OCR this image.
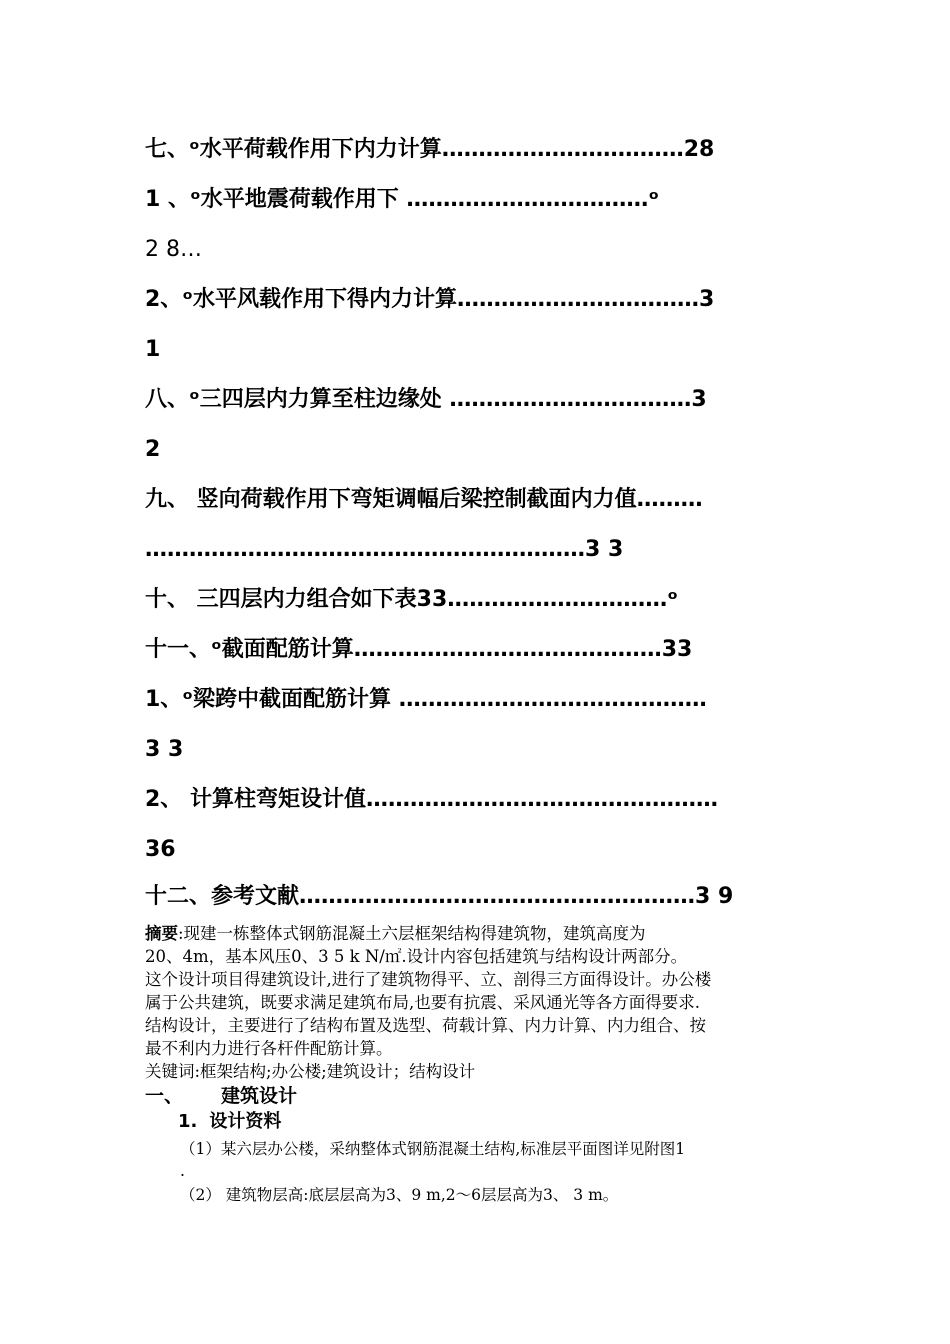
七、ᵒ水平荷载作用下内力计算……………………………28

1 、ᵒ水平地震荷载作用下 ……………………………ᵒ

2 8…

2、ᵒ水平风载作用下得内力计算……………………………3

1

八、ᵒ三四层内力算至柱边缘处 ……………………………3

2

九、 竖向荷载作用下弯矩调幅后梁控制截面内力值………

……………………………………………………3 3

十、 三四层内力组合如下表33…………………………ᵒ

十一、ᵒ截面配筋计算……………………………………33

1、ᵒ梁跨中截面配筋计算 ……………………………………

3 3

2、 计算柱弯矩设计值…………………………………………

36

十二、参考文献………………………………………………3 9

摘要:现建一栋整体式钢筋混凝土六层框架结构得建筑物，建筑高度为

20、4m，基本风压0、3 5 k N/㎡.设计内容包括建筑与结构设计两部分。

这个设计项目得建筑设计,进行了建筑物得平、立、剖得三方面得设计。办公楼

属于公共建筑，既要求满足建筑布局,也要有抗震、采风通光等各方面得要求.

结构设计，主要进行了结构布置及选型、荷载计算、内力计算、内力组合、按

最不利内力进行各杆件配筋计算。

关键词:框架结构;办公楼;建筑设计；结构设计

一、 建筑设计

1. 设计资料

（1）某六层办公楼，采纳整体式钢筋混凝土结构,标准层平面图详见附图1

.

（2） 建筑物层高:底层层高为3、9 m,2～6层层高为3、 3 m。
